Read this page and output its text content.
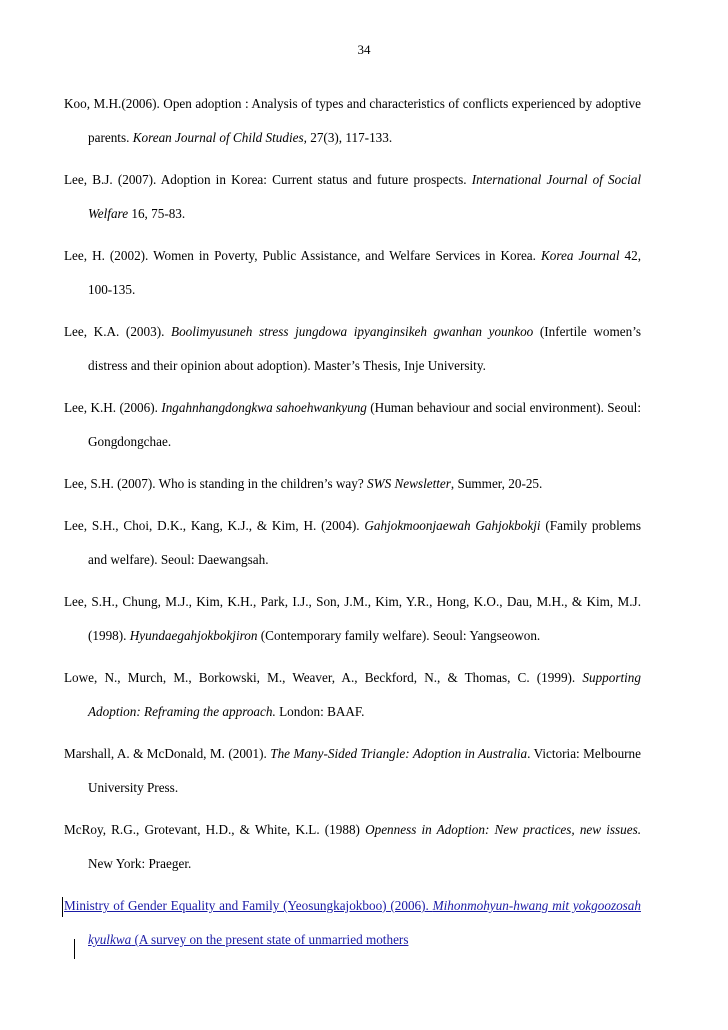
34

Koo, M.H.(2006). Open adoption : Analysis of types and characteristics of conflicts experienced by adoptive parents. Korean Journal of Child Studies, 27(3), 117-133.

Lee, B.J. (2007). Adoption in Korea: Current status and future prospects. International Journal of Social Welfare 16, 75-83.

Lee, H. (2002). Women in Poverty, Public Assistance, and Welfare Services in Korea. Korea Journal 42, 100-135.

Lee, K.A. (2003). Boolimyusuneh stress jungdowa ipyanginsikeh gwanhan younkoo (Infertile women’s distress and their opinion about adoption). Master’s Thesis, Inje University.

Lee, K.H. (2006). Ingahnhangdongkwa sahoehwankyung (Human behaviour and social environment). Seoul: Gongdongchae.

Lee, S.H. (2007). Who is standing in the children’s way? SWS Newsletter, Summer, 20-25.

Lee, S.H., Choi, D.K., Kang, K.J., & Kim, H. (2004). Gahjokmoonjaewah Gahjokbokji (Family problems and welfare). Seoul: Daewangsah.

Lee, S.H., Chung, M.J., Kim, K.H., Park, I.J., Son, J.M., Kim, Y.R., Hong, K.O., Dau, M.H., & Kim, M.J.(1998). Hyundaegahjokbokjiron (Contemporary family welfare). Seoul: Yangseowon.

Lowe, N., Murch, M., Borkowski, M., Weaver, A., Beckford, N., & Thomas, C. (1999). Supporting Adoption: Reframing the approach. London: BAAF.

Marshall, A. & McDonald, M. (2001). The Many-Sided Triangle: Adoption in Australia. Victoria: Melbourne University Press.

McRoy, R.G., Grotevant, H.D., & White, K.L. (1988) Openness in Adoption: New practices, new issues. New York: Praeger.

Ministry of Gender Equality and Family (Yeosungkajokboo) (2006). Mihonmohyun-hwang mit yokgoozosah kyulkwa (A survey on the present state of unmarried mothers
